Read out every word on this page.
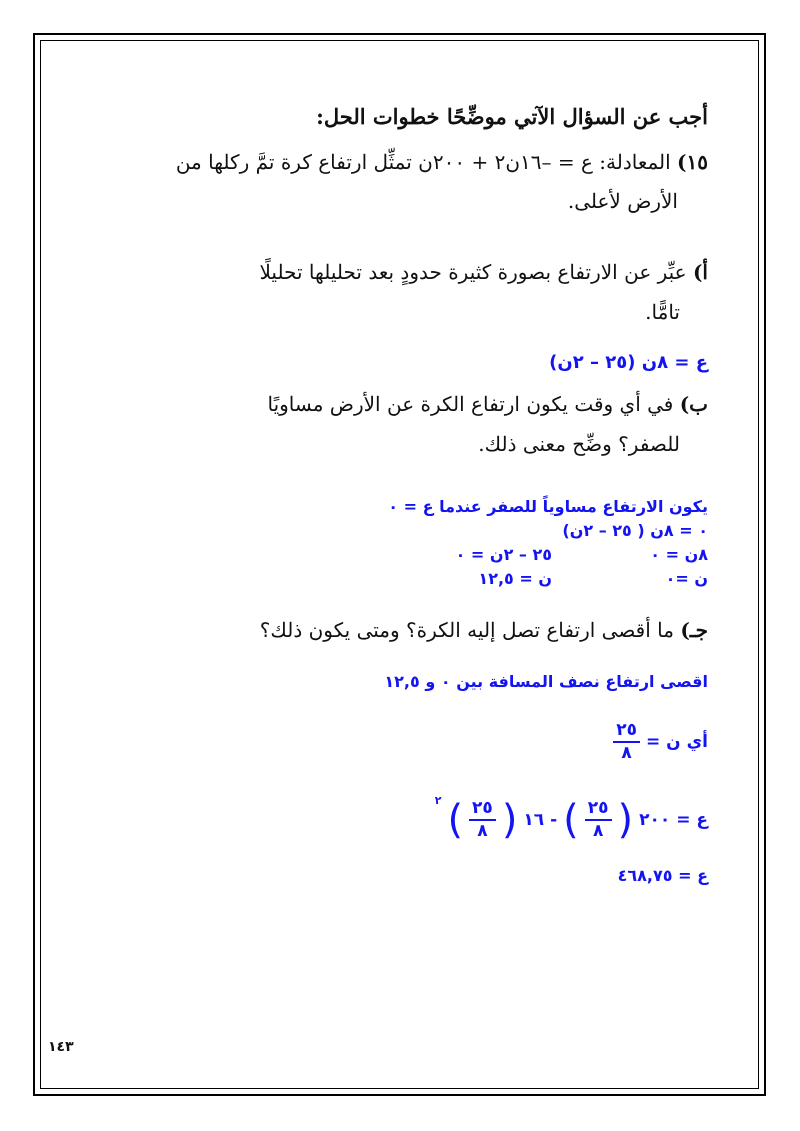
أجب عن السؤال الآتي موضِّحًا خطوات الحل:
١٥) المعادلة: ع = –١٦ن٢ + ٢٠٠ن تمثِّل ارتفاع كرة تمَّ ركلها من
الأرض لأعلى.
أ) عبِّر عن الارتفاع بصورة كثيرة حدودٍ بعد تحليلها تحليلًا
تامًّا.
ع = ٨ن (٢٥ – ٢ن)
ب) في أي وقت يكون ارتفاع الكرة عن الأرض مساويًا
للصفر؟ وضِّح معنى ذلك.
يكون الارتفاع مساوياً للصفر عندما ع = ٠
٠ = ٨ن ( ٢٥ – ٢ن)
٨ن = ٠
٢٥ – ٢ن = ٠
ن =٠
ن = ١٢,٥
جـ) ما أقصى ارتفاع تصل إليه الكرة؟ ومتى يكون ذلك؟
اقصى ارتفاع نصف المسافة بين ٠ و ١٢,٥
أي ن =
$\frac{٢٥}{٨}$
ع = ٢٠٠
(
$\frac{٢٥}{٨}$
)
- ١٦
(
$\frac{٢٥}{٨}$
)
٢
ع = ٤٦٨,٧٥
١٤٣
